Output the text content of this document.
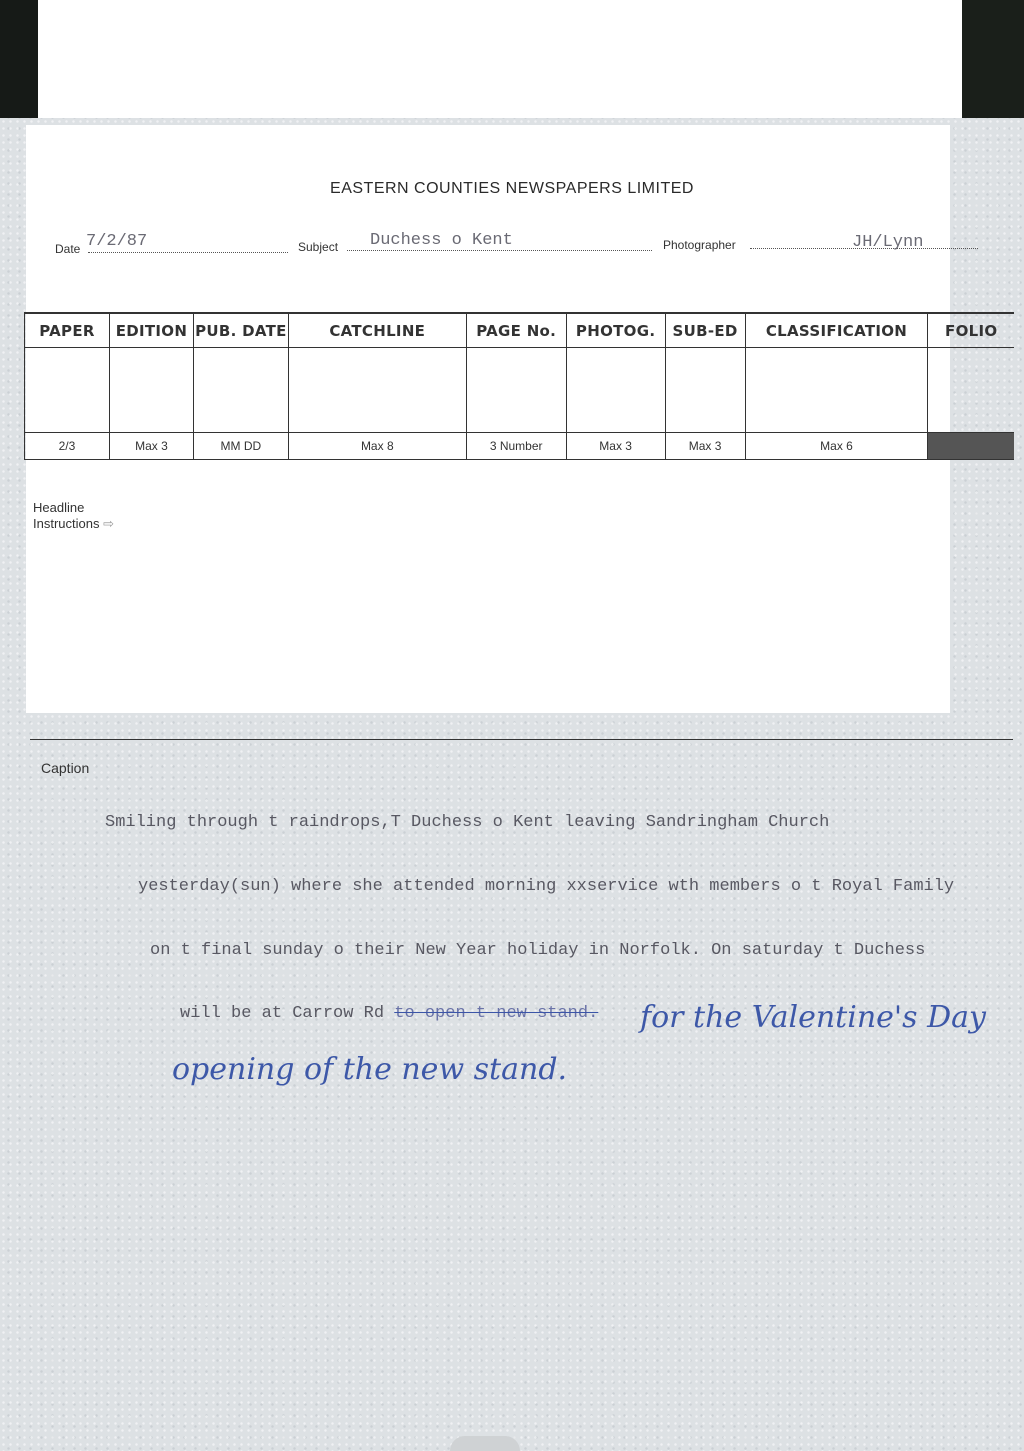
EASTERN COUNTIES NEWSPAPERS LIMITED
Date 7/2/87	Subject Duchess o Kent	Photographer	JH/Lynn
PAPER	EDITION	PUB. DATE	CATCHLINE	PAGE No.	PHOTOG.	SUB-ED	CLASSIFICATION	FOLIO

2/3	Max 3	MM DD	Max 8	3 Number	Max 3	Max 3	Max 6	
Headline
Instructions ⇨
Caption
Smiling through t raindrops,T Duchess o Kent leaving Sandringham Church
yesterday(sun) where she attended morning xxservice wth members o t Royal Family
on t final sunday o their New Year holiday in Norfolk. On saturday t Duchess
will be at Carrow Rd to open t new stand. for the Valentine's Day
opening of the new stand.
